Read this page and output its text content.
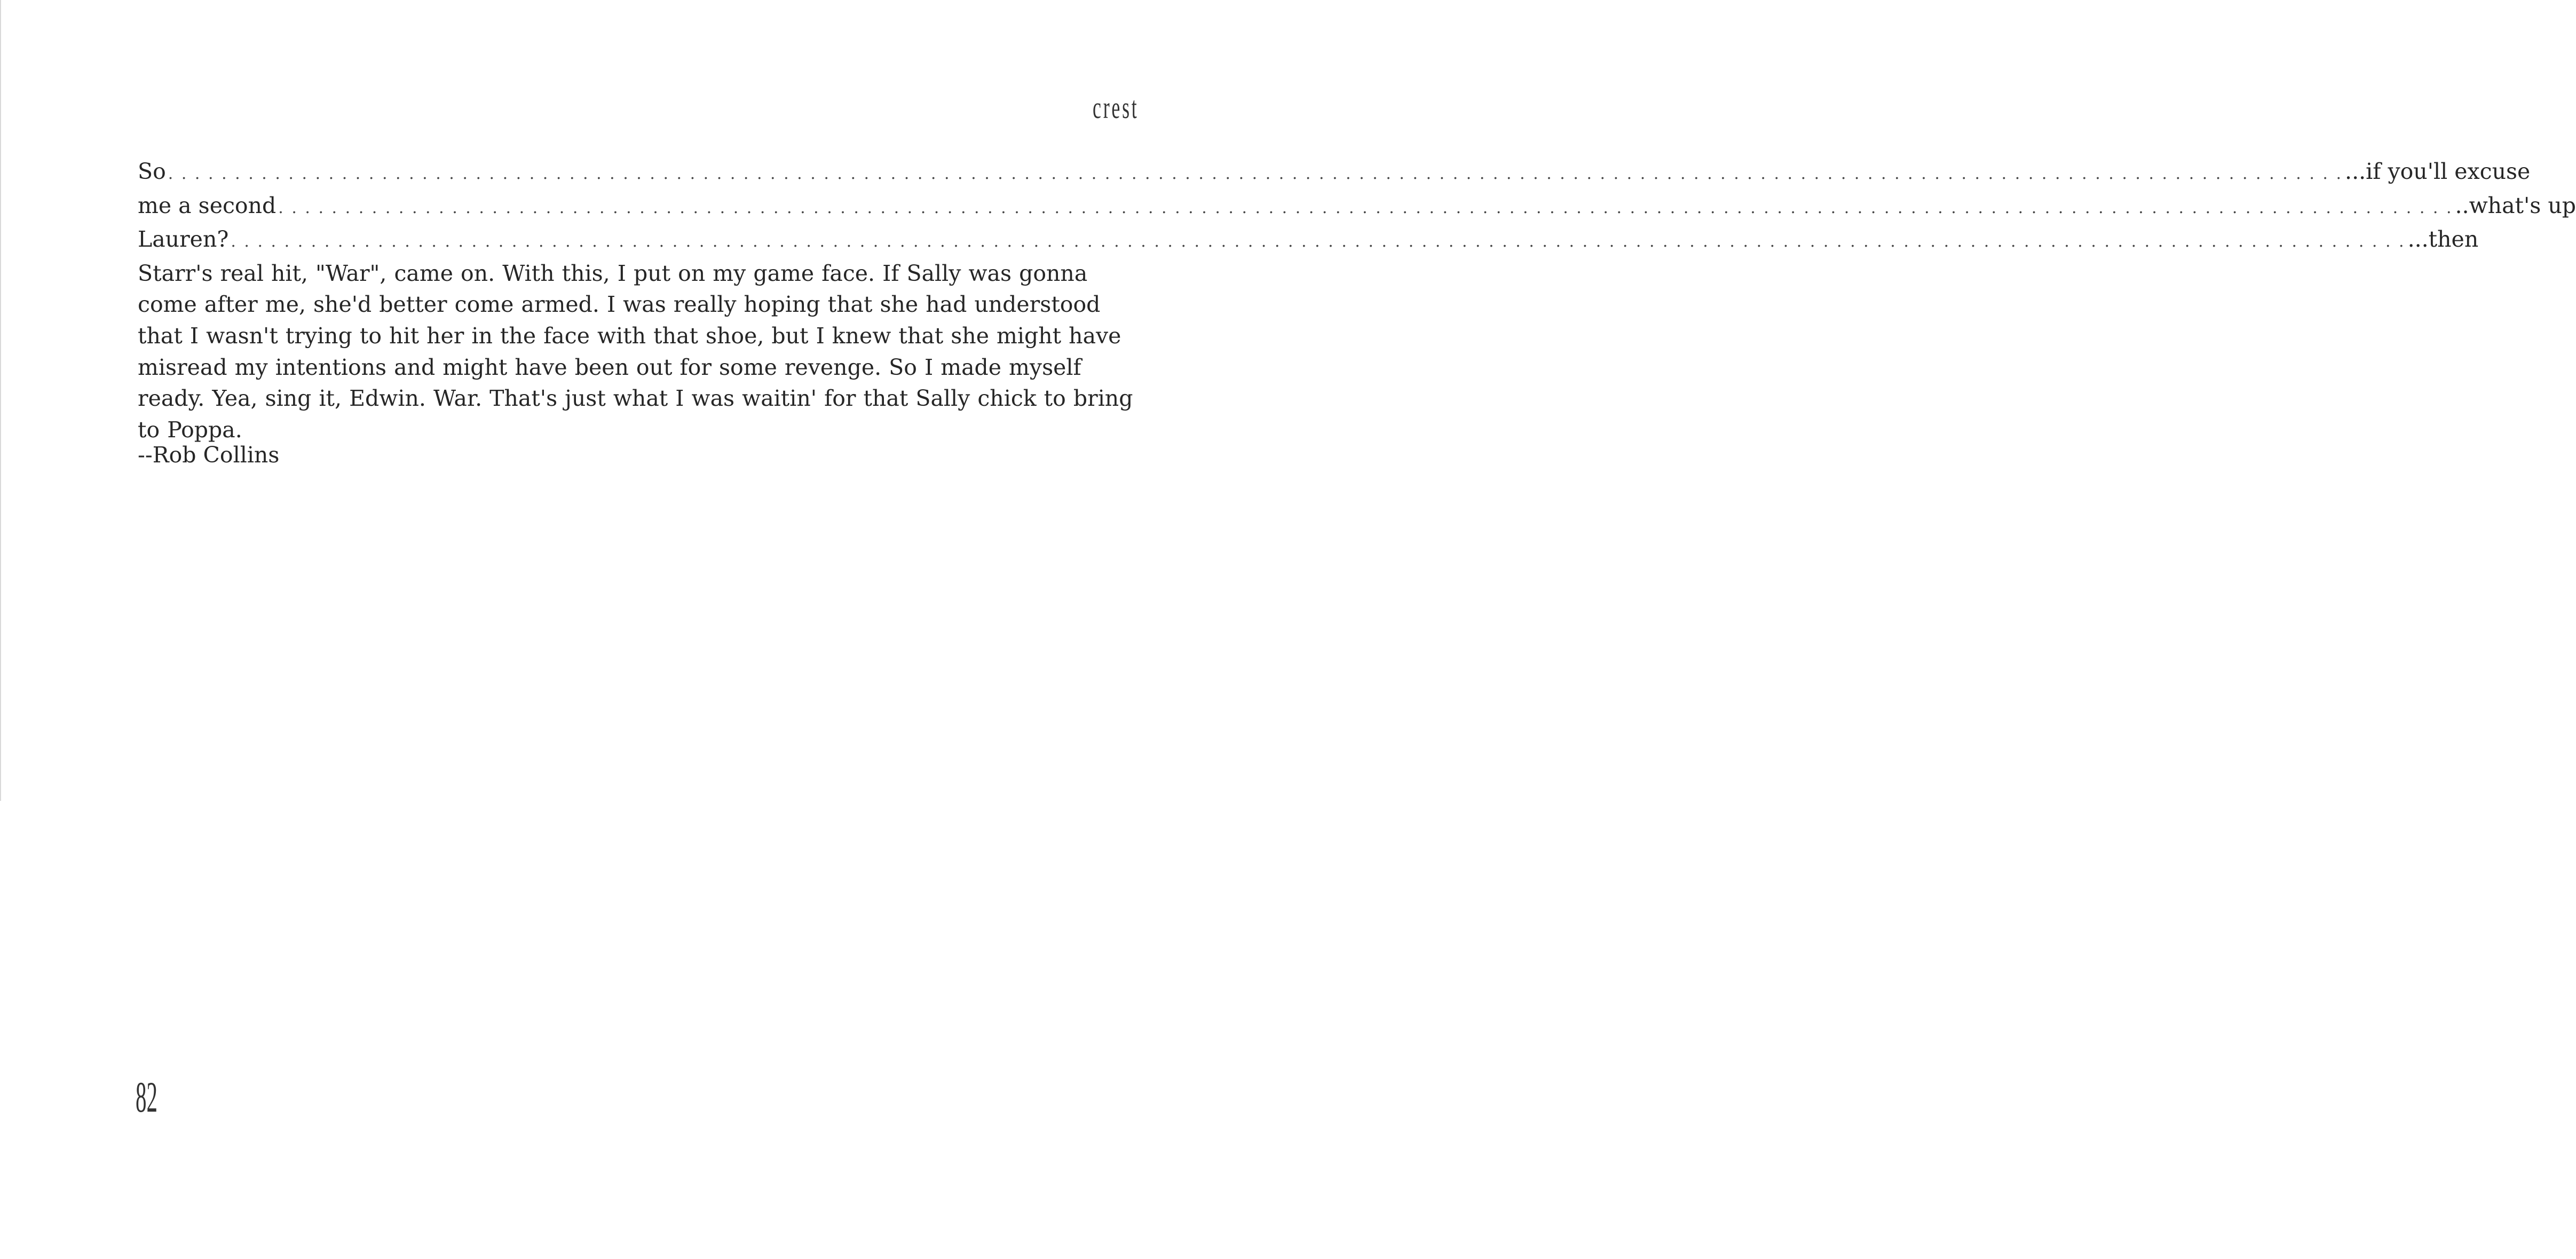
crest
So . . . . . . . . . . . . . . . . . . . . . . . . . . . . . . . . . . . . . . . . . . . . . . . . . . . . . . . . . . . . . . . . . . . . . . . . . . . . . . . . . . . . . . . . . . . . . . . . . . . . . . . . . . . . . . . . . . . . . . . . . . . . . . . . . . . . . . . . . . . . . . . . . . . . . . . . . . . . . . . . . . . ...if you'll excuse
me a second . . . . . . . . . . . . . . . . . . . . . . . . . . . . . . . . . . . . . . . . . . . . . . . . . . . . . . . . . . . . . . . . . . . . . . . . . . . . . . . . . . . . . . . . . . . . . . . . . . . . . . . . . . . . . . . . . . . . . . . . . . . . . . . . . . . . . . . . . . . . . . . . . . . . . . . . . . . . . . . . . . . ..what's up
Lauren? . . . . . . . . . . . . . . . . . . . . . . . . . . . . . . . . . . . . . . . . . . . . . . . . . . . . . . . . . . . . . . . . . . . . . . . . . . . . . . . . . . . . . . . . . . . . . . . . . . . . . . . . . . . . . . . . . . . . . . . . . . . . . . . . . . . . . . . . . . . . . . . . . . . . . . . . . . . . . . . . . . . ...then

Starr's real hit, "War", came on. With this, I put on my game face. If Sally was gonna come after me, she'd better come armed. I was really hoping that she had understood that I wasn't trying to hit her in the face with that shoe, but I knew that she might have misread my intentions and might have been out for some revenge. So I made myself ready. Yea, sing it, Edwin. War. That's just what I was waitin' for that Sally chick to bring to Poppa.

--Rob Collins
82
